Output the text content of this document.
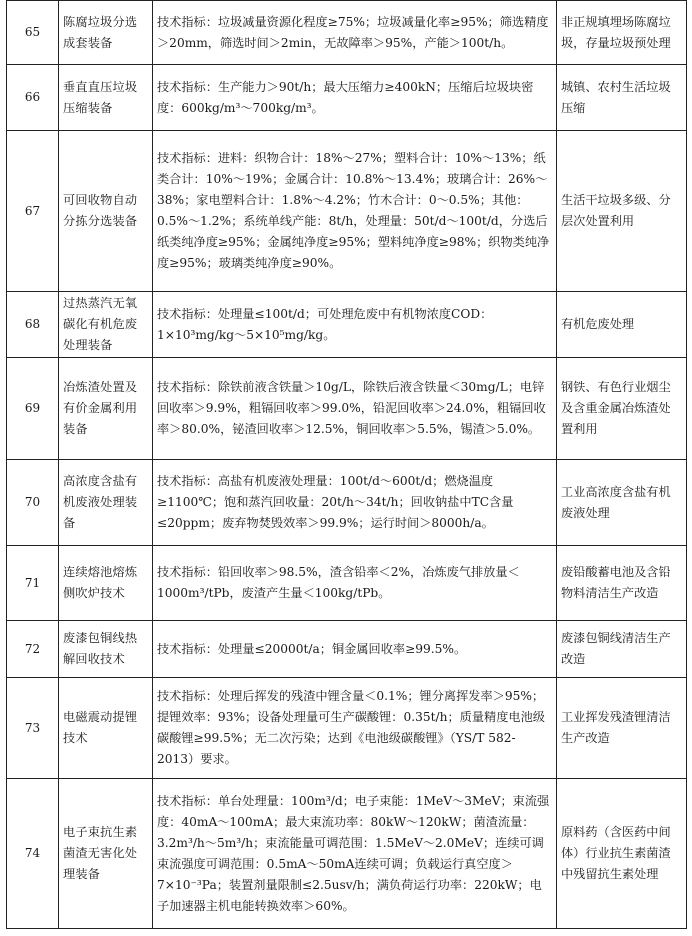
65	陈腐垃圾分选成套装备	技术指标：垃圾减量资源化程度≥75%；垃圾减量化率≥95%；筛选精度＞20mm，筛选时间＞2min，无故障率＞95%，产能＞100t/h。	非正规填埋场陈腐垃圾，存量垃圾预处理
66	垂直直压垃圾压缩装备	技术指标：生产能力＞90t/h；最大压缩力≥400kN；压缩后垃圾块密度：600kg/m³～700kg/m³。	城镇、农村生活垃圾压缩
67	可回收物自动分拣分选装备	技术指标：进料：织物合计：18%～27%；塑料合计：10%～13%；纸类合计：10%～19%；金属合计：10.8%～13.4%；玻璃合计：26%～38%；家电塑料合计：1.8%～4.2%；竹木合计：0～0.5%；其他：0.5%～1.2%；系统单线产能：8t/h，处理量：50t/d～100t/d，分选后纸类纯净度≥95%；金属纯净度≥95%；塑料纯净度≥98%；织物类纯净度≥95%；玻璃类纯净度≥90%。	生活干垃圾多级、分层次处置利用
68	过热蒸汽无氧碳化有机危废处理装备	技术指标：处理量≤100t/d；可处理危废中有机物浓度COD：1×10³mg/kg～5×10⁵mg/kg。	有机危废处理
69	冶炼渣处置及有价金属利用装备	技术指标：除铁前液含铁量＞10g/L，除铁后液含铁量＜30mg/L；电锌回收率＞9.9%，粗镉回收率＞99.0%，铅泥回收率＞24.0%，粗镉回收率＞80.0%，铋渣回收率＞12.5%，铜回收率＞5.5%，锡渣＞5.0%。	钢铁、有色行业烟尘及含重金属冶炼渣处置利用
70	高浓度含盐有机废液处理装备	技术指标：高盐有机废液处理量：100t/d～600t/d；燃烧温度≥1100℃；饱和蒸汽回收量：20t/h～34t/h；回收钠盐中TC含量≤20ppm；废弃物焚毁效率＞99.9%；运行时间＞8000h/a。	工业高浓度含盐有机废液处理
71	连续熔池熔炼侧吹炉技术	技术指标：铅回收率＞98.5%，渣含铅率＜2%，冶炼废气排放量＜1000m³/tPb，废渣产生量＜100kg/tPb。	废铅酸蓄电池及含铅物料清洁生产改造
72	废漆包铜线热解回收技术	技术指标：处理量≤20000t/a；铜金属回收率≥99.5%。	废漆包铜线清洁生产改造
73	电磁震动提锂技术	技术指标：处理后挥发的残渣中锂含量＜0.1%；锂分离挥发率＞95%；提锂效率：93%；设备处理量可生产碳酸锂：0.35t/h；质量精度电池级碳酸锂≥99.5%；无二次污染；达到《电池级碳酸锂》（YS/T 582-2013）要求。	工业挥发残渣锂清洁生产改造
74	电子束抗生素菌渣无害化处理装备	技术指标：单台处理量：100m³/d；电子束能：1MeV～3MeV；束流强度：40mA～100mA；最大束流功率：80kW～120kW；菌渣流量：3.2m³/h～5m³/h；束流能量可调范围：1.5MeV～2.0MeV；连续可调束流强度可调范围：0.5mA～50mA连续可调；负载运行真空度＞7×10⁻³Pa；装置剂量限制≤2.5usv/h；满负荷运行功率：220kW；电子加速器主机电能转换效率＞60%。	原料药（含医药中间体）行业抗生素菌渣中残留抗生素处理
